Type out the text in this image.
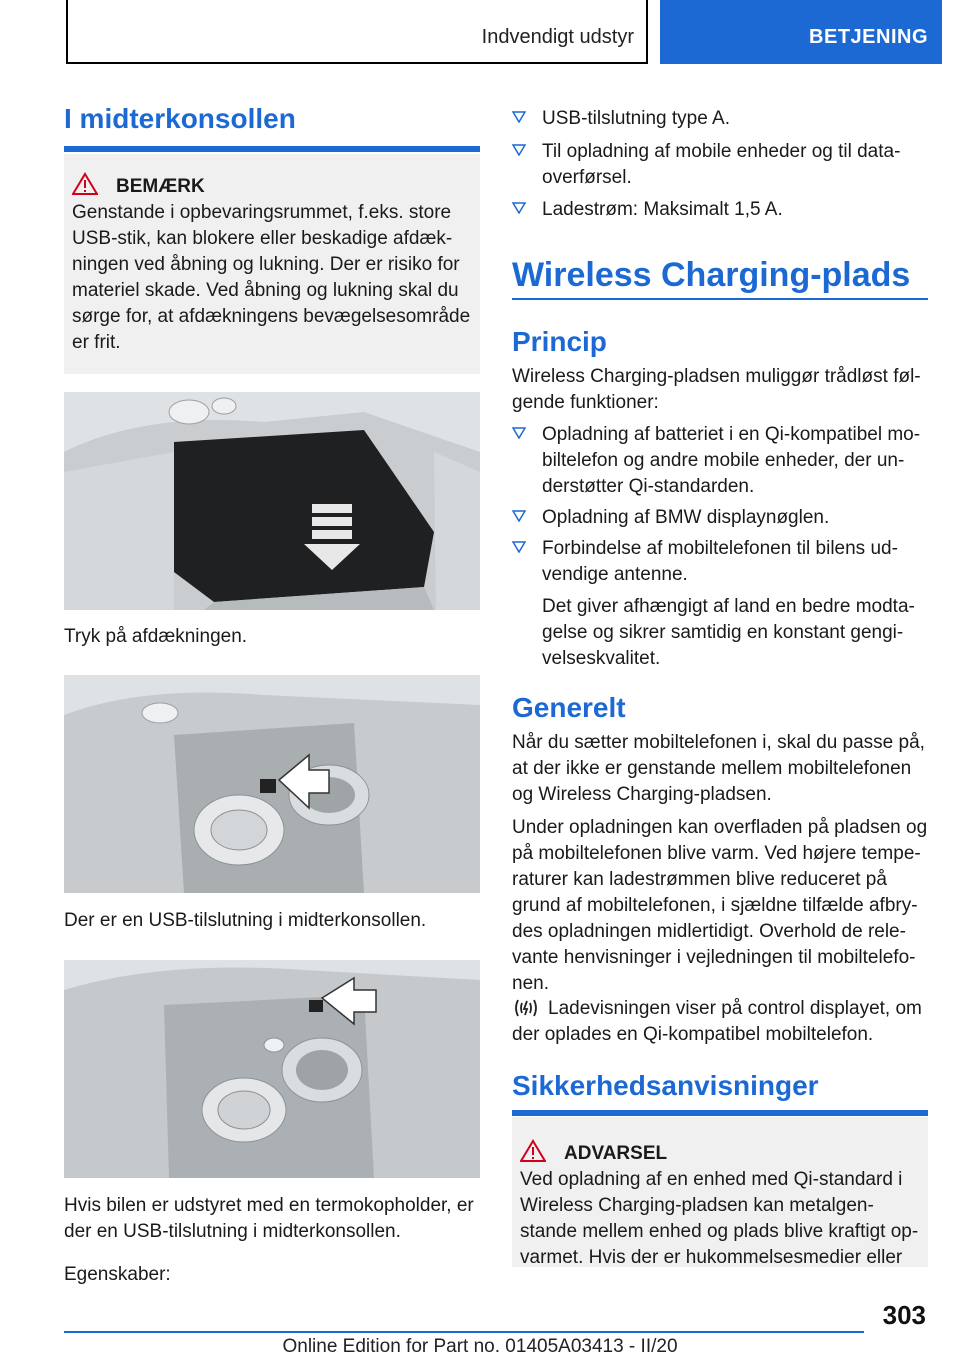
Indvendigt udstyr	BETJENING
I midterkonsollen
BEMÆRK
Genstande i opbevaringsrummet, f.eks. store
USB-stik, kan blokere eller beskadige afdæk-
ningen ved åbning og lukning. Der er risiko for
materiel skade. Ved åbning og lukning skal du
sørge for, at afdækningens bevægelsesområde
er frit.

Tryk på afdækningen.

Der er en USB-tilslutning i midterkonsollen.

Hvis bilen er udstyret med en termokopholder, er

der en USB-tilslutning i midterkonsollen.

Egenskaber:

USB-tilslutning type A.
Til opladning af mobile enheder og til data-
overførsel.
Ladestrøm: Maksimalt 1,5 A.
Wireless Charging-plads
Princip

Wireless Charging-pladsen muliggør trådløst føl-

gende funktioner:

Opladning af batteriet i en Qi-kompatibel mo-
biltelefon og andre mobile enheder, der un-
derstøtter Qi-standarden.
Opladning af BMW displaynøglen.
Forbindelse af mobiltelefonen til bilens ud-
vendige antenne.

Det giver afhængigt af land en bedre modta-

gelse og sikrer samtidig en konstant gengi-

velseskvalitet.

Generelt

Når du sætter mobiltelefonen i, skal du passe på,

at der ikke er genstande mellem mobiltelefonen

og Wireless Charging-pladsen.

Under opladningen kan overfladen på pladsen og

på mobiltelefonen blive varm. Ved højere tempe-

raturer kan ladestrømmen blive reduceret på

grund af mobiltelefonen, i sjældne tilfælde afbry-

des opladningen midlertidigt. Overhold de rele-

vante henvisninger i vejledningen til mobiltelefo-

nen.

Ladevisningen viser på control displayet, om

der oplades en Qi-kompatibel mobiltelefon.

Sikkerhedsanvisninger
ADVARSEL
Ved opladning af en enhed med Qi-standard i
Wireless Charging-pladsen kan metalgen-
stande mellem enhed og plads blive kraftigt op-
varmet. Hvis der er hukommelsesmedier eller
303
Online Edition for Part no. 01405A03413 - II/20
